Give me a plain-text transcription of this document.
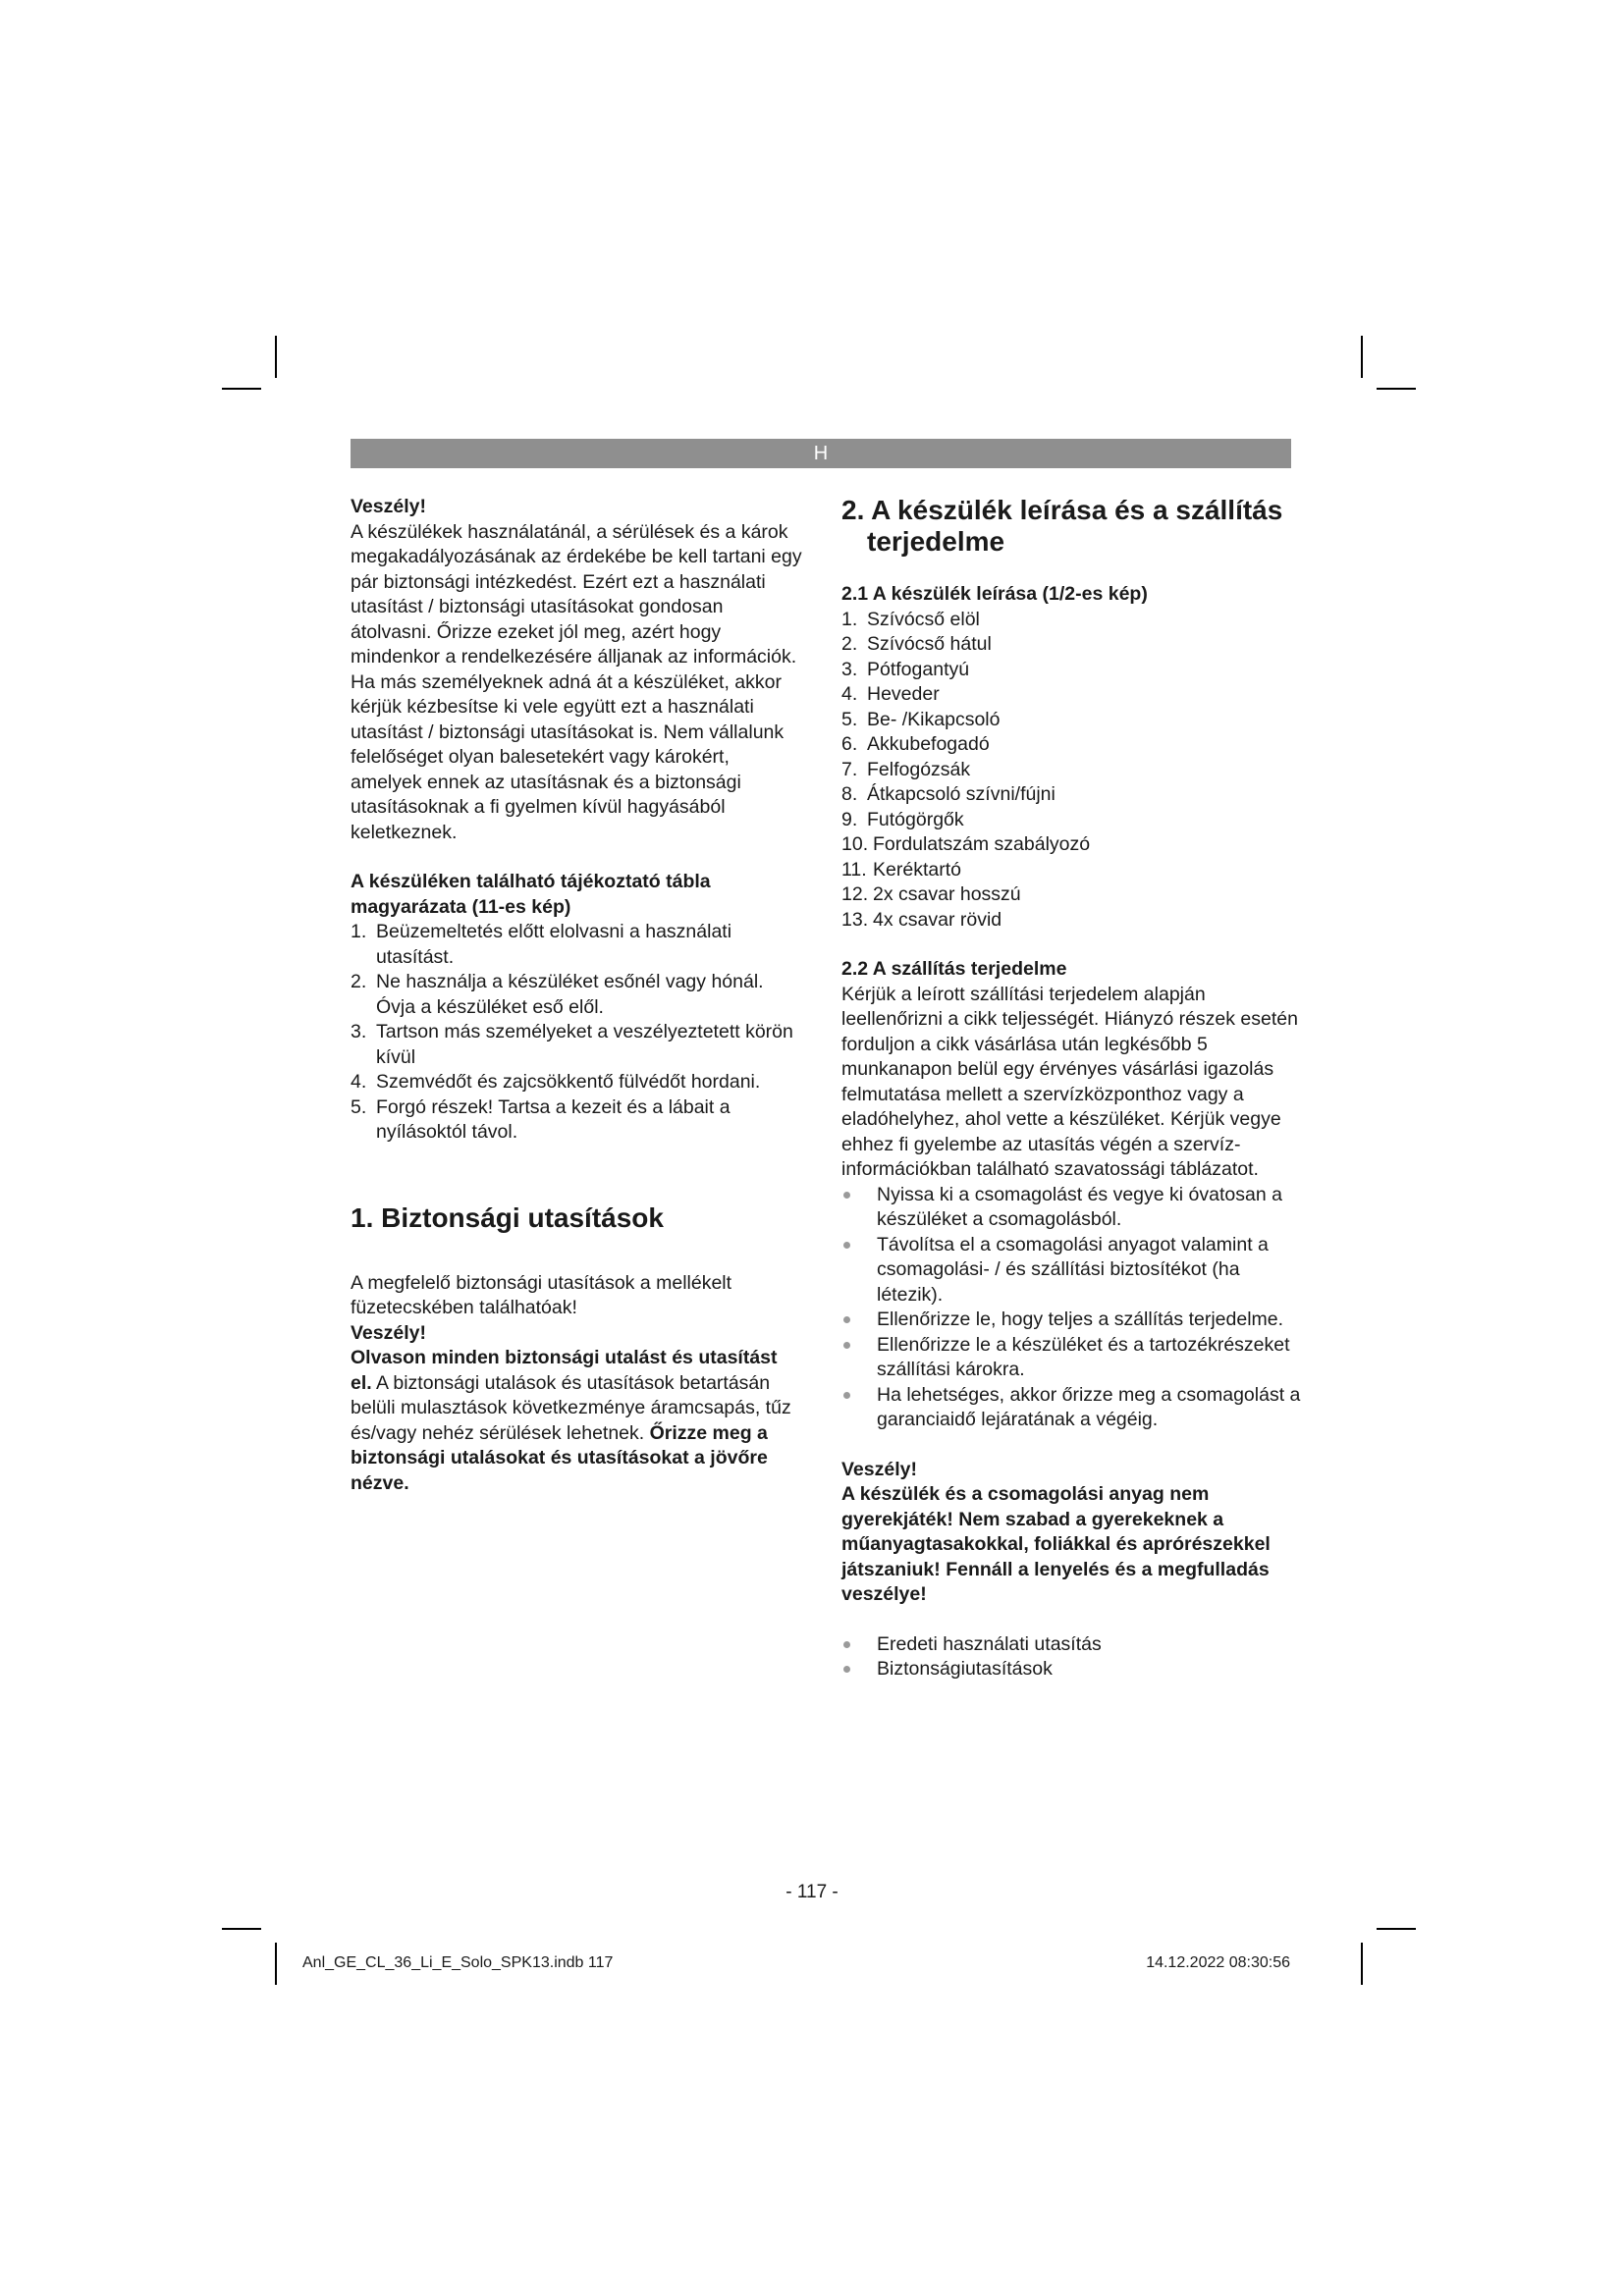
H

Veszély!

A készülékek használatánál, a sérülések és a károk megakadályozásának az érdekébe be kell tartani egy pár biztonsági intézkedést. Ezért ezt a használati utasítást / biztonsági utasításokat gondosan átolvasni. Őrizze ezeket jól meg, azért hogy mindenkor a rendelkezésére álljanak az információk. Ha más személyeknek adná át a készüléket, akkor kérjük kézbesítse ki vele együtt ezt a használati utasítást / biztonsági utasításokat is. Nem vállalunk felelőséget olyan balesetekért vagy károkért, amelyek ennek az utasításnak és a biztonsági utasításoknak a fi gyelmen kívül hagyásából keletkeznek.

A készüléken található tájékoztató tábla magyarázata (11-es kép)

1. Beüzemeltetés előtt elolvasni a használati utasítást.
2. Ne használja a készüléket esőnél vagy hónál. Óvja a készüléket eső elől.
3. Tartson más személyeket a veszélyeztetett körön kívül
4. Szemvédőt és zajcsökkentő fülvédőt hordani.
5. Forgó részek! Tartsa a kezeit és a lábait a nyílásoktól távol.

1. Biztonsági utasítások

A megfelelő biztonsági utasítások a mellékelt füzetecskében találhatóak!

Veszély!

Olvason minden biztonsági utalást és utasítást el. A biztonsági utalások és utasítások betartásán belüli mulasztások következménye áramcsapás, tűz és/vagy nehéz sérülések lehetnek. Őrizze meg a biztonsági utalásokat és utasításokat a jövőre nézve.

2. A készülék leírása és a szállítás
terjedelme

2.1 A készülék leírása (1/2-es kép)

1. Szívócső elöl
2. Szívócső hátul
3. Pótfogantyú
4. Heveder
5. Be- /Kikapcsoló
6. Akkubefogadó
7. Felfogózsák
8. Átkapcsoló szívni/fújni
9. Futógörgők
10. Fordulatszám szabályozó
11. Keréktartó
12. 2x csavar hosszú
13. 4x csavar rövid

2.2 A szállítás terjedelme

Kérjük a leírott szállítási terjedelem alapján leellenőrizni a cikk teljességét. Hiányzó részek esetén forduljon a cikk vásárlása után legkésőbb 5 munkanapon belül egy érvényes vásárlási igazolás felmutatása mellett a szervízközponthoz vagy a eladóhelyhez, ahol vette a készüléket. Kérjük vegye ehhez fi gyelembe az utasítás végén a szervíz-információkban található szavatossági táblázatot.

Nyissa ki a csomagolást és vegye ki óvatosan a készüléket a csomagolásból.
Távolítsa el a csomagolási anyagot valamint a csomagolási- / és szállítási biztosítékot (ha létezik).
Ellenőrizze le, hogy teljes a szállítás terjedelme.
Ellenőrizze le a készüléket és a tartozékrészeket szállítási károkra.
Ha lehetséges, akkor őrizze meg a csomagolást a garanciaidő lejáratának a végéig.

Veszély!

A készülék és a csomagolási anyag nem gyerekjáték! Nem szabad a gyerekeknek a műanyagtasakokkal, foliákkal és aprórészekkel játszaniuk! Fennáll a lenyelés és a megfulladás veszélye!

Eredeti használati utasítás
Biztonságiutasítások
- 117 -
Anl_GE_CL_36_Li_E_Solo_SPK13.indb 117	14.12.2022 08:30:56
